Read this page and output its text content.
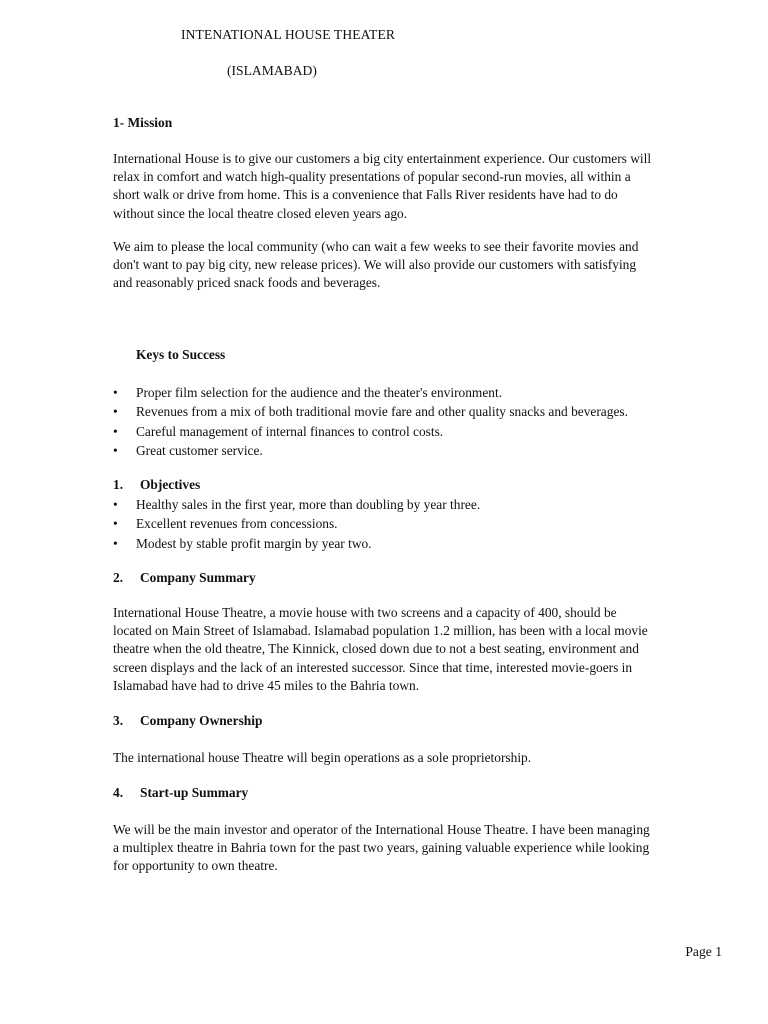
INTENATIONAL HOUSE THEATER
(ISLAMABAD)
1- Mission

International House is to give our customers a big city entertainment experience. Our customers will
relax in comfort and watch high-quality presentations of popular second-run movies, all within a
short walk or drive from home. This is a convenience that Falls River residents have had to do
without since the local theatre closed eleven years ago.

We aim to please the local community (who can wait a few weeks to see their favorite movies and
don't want to pay big city, new release prices). We will also provide our customers with satisfying
and reasonably priced snack foods and beverages.

Keys to Success
• Proper film selection for the audience and the theater's environment.
• Revenues from a mix of both traditional movie fare and other quality snacks and beverages.
• Careful management of internal finances to control costs.
• Great customer service.
1. Objectives
• Healthy sales in the first year, more than doubling by year three.
• Excellent revenues from concessions.
• Modest by stable profit margin by year two.
2. Company Summary

International House Theatre, a movie house with two screens and a capacity of 400, should be
located on Main Street of Islamabad. Islamabad population 1.2 million, has been with a local movie
theatre when the old theatre, The Kinnick, closed down due to not a best seating, environment and
screen displays and the lack of an interested successor. Since that time, interested movie-goers in
Islamabad have had to drive 45 miles to the Bahria town.

3. Company Ownership

The international house Theatre will begin operations as a sole proprietorship.

4. Start-up Summary

We will be the main investor and operator of the International House Theatre. I have been managing
a multiplex theatre in Bahria town for the past two years, gaining valuable experience while looking
for opportunity to own theatre.

Page 1
